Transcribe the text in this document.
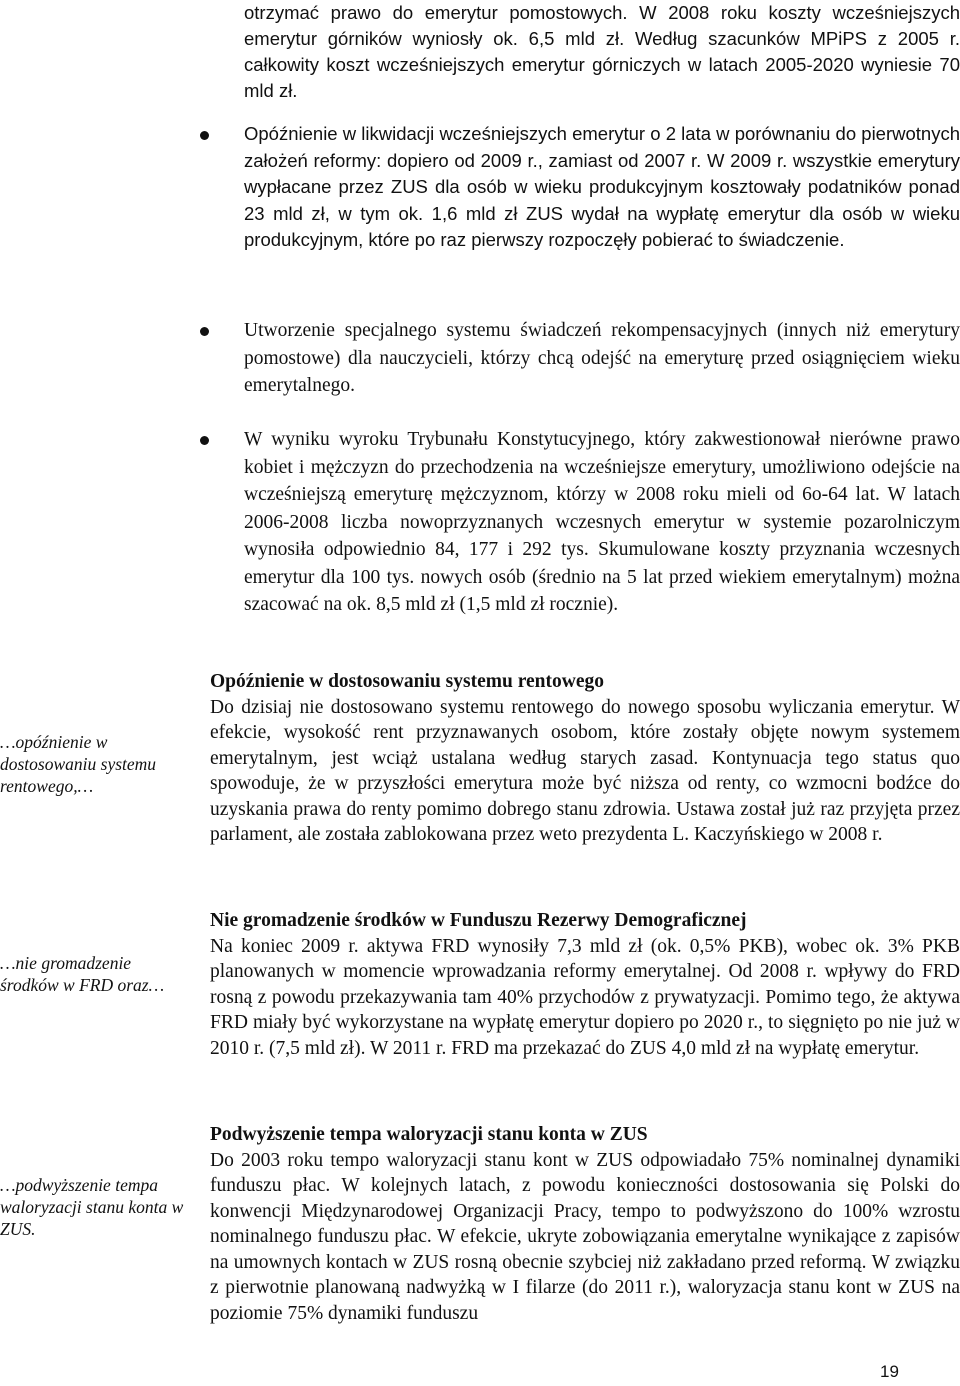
otrzymać prawo do emerytur pomostowych. W 2008 roku koszty wcześniejszych emerytur górników wyniosły ok. 6,5 mld zł. Według szacunków MPiPS z 2005 r. całkowity koszt wcześniejszych emerytur górniczych w latach 2005-2020 wyniesie 70 mld zł.
Opóźnienie w likwidacji wcześniejszych emerytur o 2 lata w porównaniu do pierwotnych założeń reformy: dopiero od 2009 r., zamiast od 2007 r. W 2009 r. wszystkie emerytury wypłacane przez ZUS dla osób w wieku produkcyjnym kosztowały podatników ponad 23 mld zł, w tym ok. 1,6 mld zł ZUS wydał na wypłatę emerytur dla osób w wieku produkcyjnym, które po raz pierwszy rozpoczęły pobierać to świadczenie.
Utworzenie specjalnego systemu świadczeń rekompensacyjnych (innych niż emerytury pomostowe) dla nauczycieli, którzy chcą odejść na emeryturę przed osiągnięciem wieku emerytalnego.
W wyniku wyroku Trybunału Konstytucyjnego, który zakwestionował nierówne prawo kobiet i mężczyzn do przechodzenia na wcześniejsze emerytury, umożliwiono odejście na wcześniejszą emeryturę mężczyznom, którzy w 2008 roku mieli od 6o-64 lat. W latach 2006-2008 liczba nowoprzyznanych wczesnych emerytur w systemie pozarolniczym wynosiła odpowiednio 84, 177 i 292 tys. Skumulowane koszty przyznania wczesnych emerytur dla 100 tys. nowych osób (średnio na 5 lat przed wiekiem emerytalnym) można szacować na ok. 8,5 mld zł (1,5 mld zł rocznie).
Opóźnienie w dostosowaniu systemu rentowego
Do dzisiaj nie dostosowano systemu rentowego do nowego sposobu wyliczania emerytur. W efekcie, wysokość rent przyznawanych osobom, które zostały objęte nowym systemem emerytalnym, jest wciąż ustalana według starych zasad. Kontynuacja tego status quo spowoduje, że w przyszłości emerytura może być niższa od renty, co wzmocni bodźce do uzyskania prawa do renty pomimo dobrego stanu zdrowia. Ustawa został już raz przyjęta przez parlament, ale została zablokowana przez weto prezydenta L. Kaczyńskiego w 2008 r.
Nie gromadzenie środków w Funduszu Rezerwy Demograficznej
Na koniec 2009 r. aktywa FRD wynosiły 7,3 mld zł (ok. 0,5% PKB), wobec ok. 3% PKB planowanych w momencie wprowadzania reformy emerytalnej. Od 2008 r. wpływy do FRD rosną z powodu przekazywania tam 40% przychodów z prywatyzacji. Pomimo tego, że aktywa FRD miały być wykorzystane na wypłatę emerytur dopiero po 2020 r., to sięgnięto po nie już w 2010 r. (7,5 mld zł). W 2011 r. FRD ma przekazać do ZUS 4,0 mld zł na wypłatę emerytur.
Podwyższenie tempa waloryzacji stanu konta w ZUS
Do 2003 roku tempo waloryzacji stanu kont w ZUS odpowiadało 75% nominalnej dynamiki funduszu płac. W kolejnych latach, z powodu konieczności dostosowania się Polski do konwencji Międzynarodowej Organizacji Pracy, tempo to podwyższono do 100% wzrostu nominalnego funduszu płac. W efekcie, ukryte zobowiązania emerytalne wynikające z zapisów na umownych kontach w ZUS rosną obecnie szybciej niż zakładano przed reformą. W związku z pierwotnie planowaną nadwyżką w I filarze (do 2011 r.), waloryzacja stanu kont w ZUS na poziomie 75% dynamiki funduszu
…opóźnienie w dostosowaniu systemu rentowego,…
…nie gromadzenie środków w FRD oraz…
…podwyższenie tempa waloryzacji stanu konta w ZUS.
19
